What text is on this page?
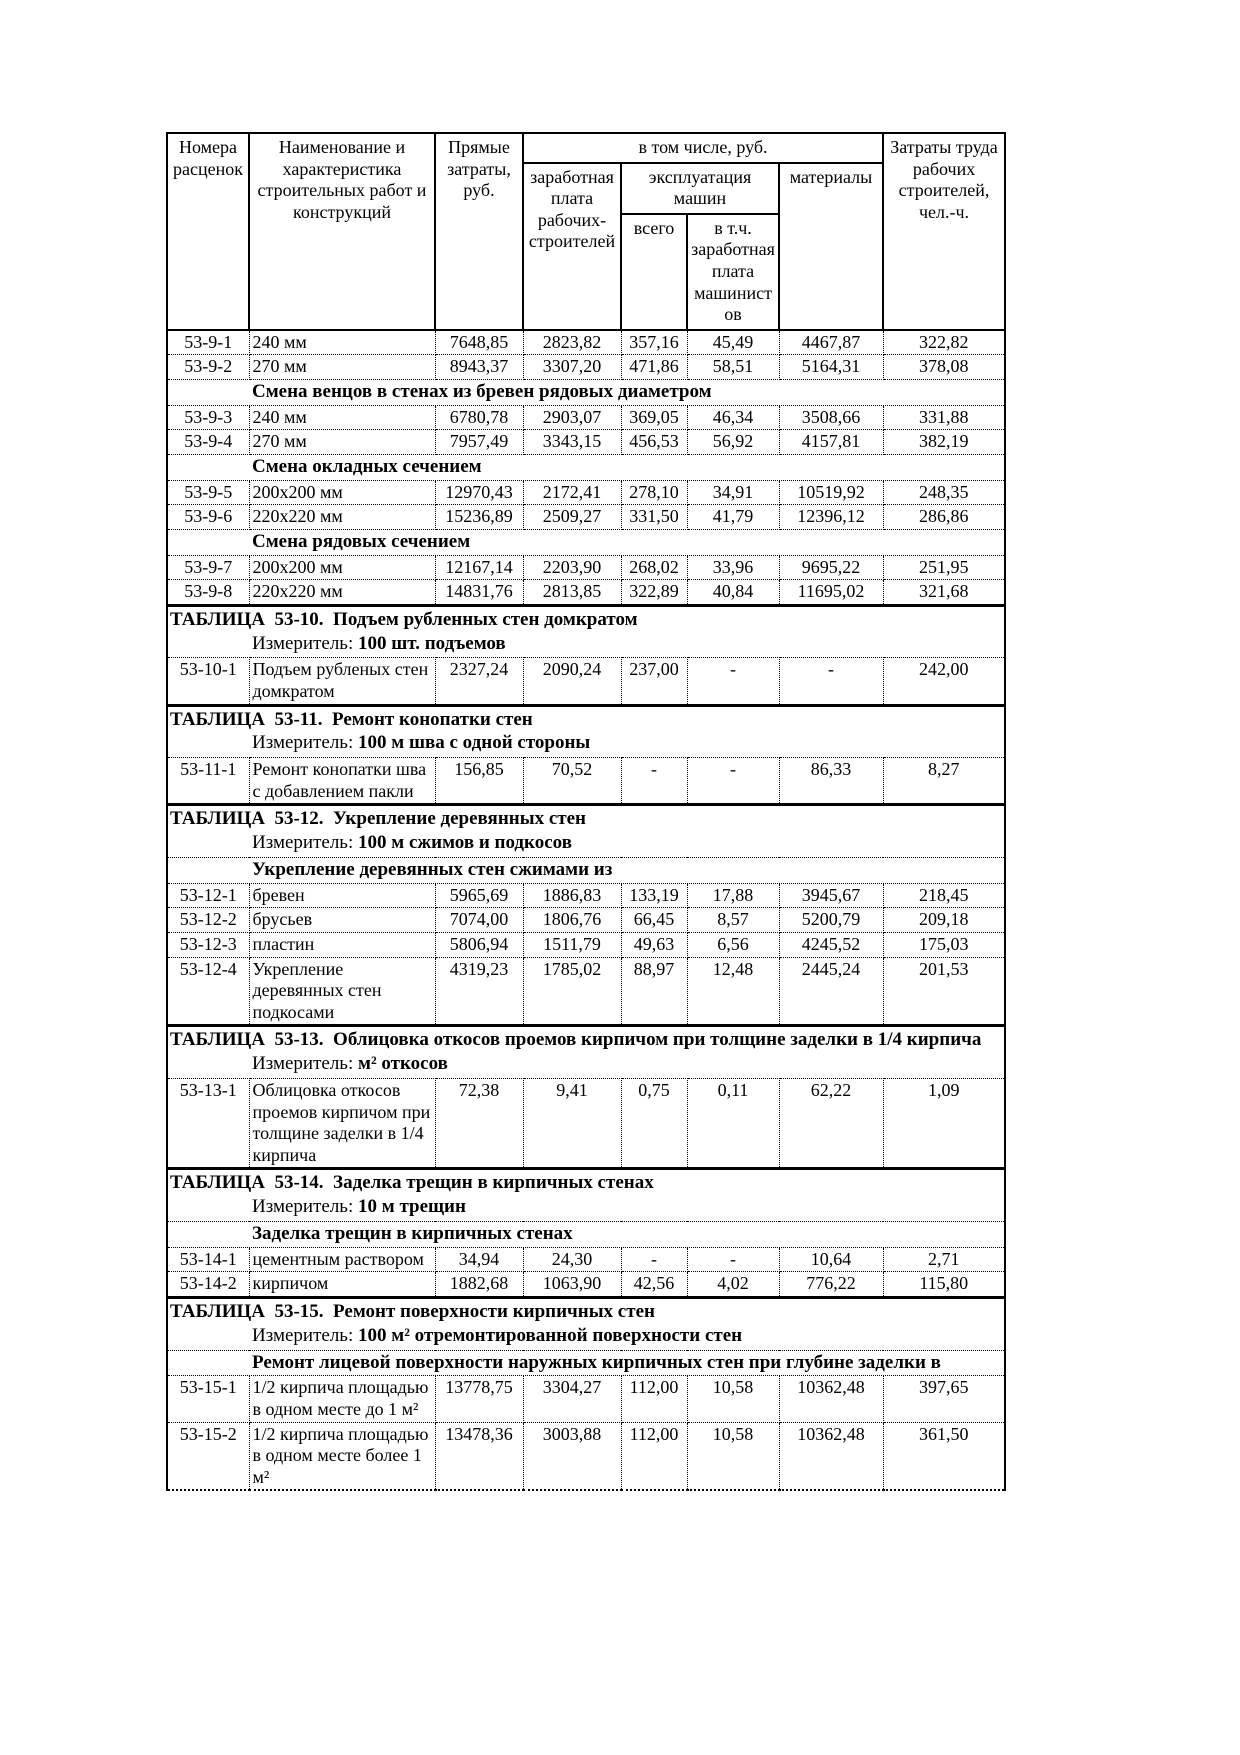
Номера расценок	Наименование и характеристика строительных работ и конструкций	Прямые затраты, руб.	в том числе, руб.				Затраты труда рабочих строителей, чел.-ч.
			заработная плата рабочих-строителей	эксплуатация машин		материалы	
				всего	в т.ч. заработная плата машинисто​в		
53-9-1	240 мм	7648,85	2823,82	357,16	45,49	4467,87	322,82
53-9-2	270 мм	8943,37	3307,20	471,86	58,51	5164,31	378,08
Смена венцов в стенах из бревен рядовых диаметром							
53-9-3	240 мм	6780,78	2903,07	369,05	46,34	3508,66	331,88
53-9-4	270 мм	7957,49	3343,15	456,53	56,92	4157,81	382,19
Смена окладных сечением							
53-9-5	200х200 мм	12970,43	2172,41	278,10	34,91	10519,92	248,35
53-9-6	220х220 мм	15236,89	2509,27	331,50	41,79	12396,12	286,86
Смена рядовых сечением							
53-9-7	200х200 мм	12167,14	2203,90	268,02	33,96	9695,22	251,95
53-9-8	220х220 мм	14831,76	2813,85	322,89	40,84	11695,02	321,68
ТАБЛИЦА  53-10.  Подъем рубленных стен домкратом							
Измеритель: 100 шт. подъемов							
53-10-1	Подъем рубленых стен домкратом	2327,24	2090,24	237,00	-	-	242,00
ТАБЛИЦА  53-11.  Ремонт конопатки стен							
Измеритель: 100 м шва с одной стороны							
53-11-1	Ремонт конопатки шва с добавлением пакли	156,85	70,52	-	-	86,33	8,27
ТАБЛИЦА  53-12.  Укрепление деревянных стен							
Измеритель: 100 м сжимов и подкосов							
Укрепление деревянных стен сжимами из							
53-12-1	бревен	5965,69	1886,83	133,19	17,88	3945,67	218,45
53-12-2	брусьев	7074,00	1806,76	66,45	8,57	5200,79	209,18
53-12-3	пластин	5806,94	1511,79	49,63	6,56	4245,52	175,03
53-12-4	Укрепление деревянных стен подкосами	4319,23	1785,02	88,97	12,48	2445,24	201,53
ТАБЛИЦА  53-13.  Облицовка откосов проемов кирпичом при толщине заделки в 1/4 кирпича							
Измеритель: м² откосов							
53-13-1	Облицовка откосов проемов кирпичом при толщине заделки в 1/4 кирпича	72,38	9,41	0,75	0,11	62,22	1,09
ТАБЛИЦА  53-14.  Заделка трещин в кирпичных стенах							
Измеритель: 10 м трещин							
Заделка трещин в кирпичных стенах							
53-14-1	цементным раствором	34,94	24,30	-	-	10,64	2,71
53-14-2	кирпичом	1882,68	1063,90	42,56	4,02	776,22	115,80
ТАБЛИЦА  53-15.  Ремонт поверхности кирпичных стен							
Измеритель: 100 м² отремонтированной поверхности стен							
Ремонт лицевой поверхности наружных кирпичных стен при глубине заделки в							
53-15-1	1/2 кирпича площадью в одном месте до 1 м²	13778,75	3304,27	112,00	10,58	10362,48	397,65
53-15-2	1/2 кирпича площадью в одном месте более 1 м²	13478,36	3003,88	112,00	10,58	10362,48	361,50
